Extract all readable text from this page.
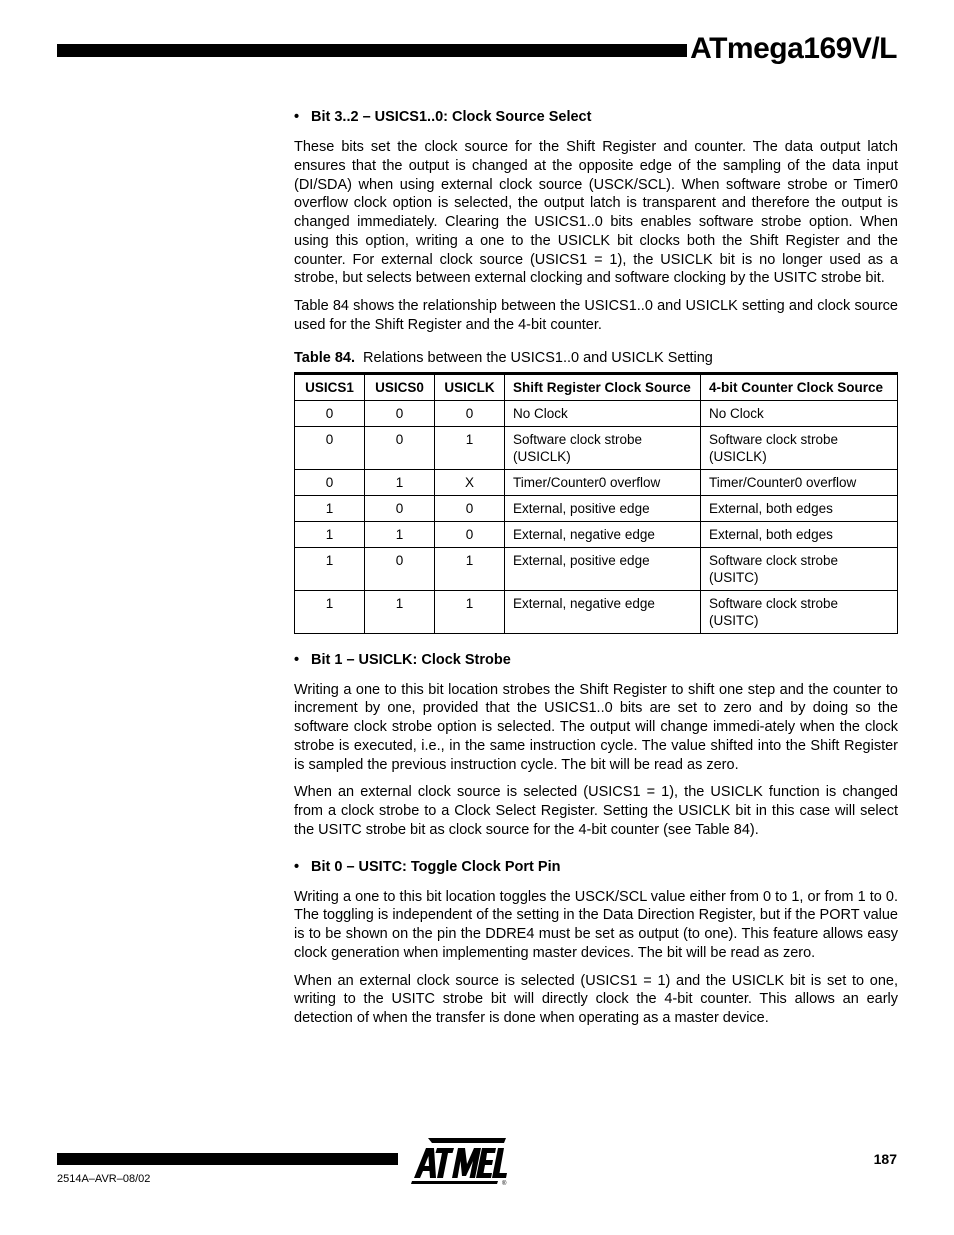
ATmega169V/L
• Bit 3..2 – USICS1..0: Clock Source Select

These bits set the clock source for the Shift Register and counter. The data output latch ensures that the output is changed at the opposite edge of the sampling of the data input (DI/SDA) when using external clock source (USCK/SCL). When software strobe or Timer0 overflow clock option is selected, the output latch is transparent and therefore the output is changed immediately. Clearing the USICS1..0 bits enables software strobe option. When using this option, writing a one to the USICLK bit clocks both the Shift Register and the counter. For external clock source (USICS1 = 1), the USICLK bit is no longer used as a strobe, but selects between external clocking and software clocking by the USITC strobe bit.

Table 84 shows the relationship between the USICS1..0 and USICLK setting and clock source used for the Shift Register and the 4-bit counter.

Table 84. Relations between the USICS1..0 and USICLK Setting
USICS1	USICS0	USICLK	Shift Register Clock Source	4-bit Counter Clock Source
0	0	0	No Clock	No Clock
0	0	1	Software clock strobe (USICLK)	Software clock strobe (USICLK)
0	1	X	Timer/Counter0 overflow	Timer/Counter0 overflow
1	0	0	External, positive edge	External, both edges
1	1	0	External, negative edge	External, both edges
1	0	1	External, positive edge	Software clock strobe (USITC)
1	1	1	External, negative edge	Software clock strobe (USITC)
• Bit 1 – USICLK: Clock Strobe

Writing a one to this bit location strobes the Shift Register to shift one step and the counter to increment by one, provided that the USICS1..0 bits are set to zero and by doing so the software clock strobe option is selected. The output will change immedi-ately when the clock strobe is executed, i.e., in the same instruction cycle. The value shifted into the Shift Register is sampled the previous instruction cycle. The bit will be read as zero.

When an external clock source is selected (USICS1 = 1), the USICLK function is changed from a clock strobe to a Clock Select Register. Setting the USICLK bit in this case will select the USITC strobe bit as clock source for the 4-bit counter (see Table 84).

• Bit 0 – USITC: Toggle Clock Port Pin

Writing a one to this bit location toggles the USCK/SCL value either from 0 to 1, or from 1 to 0. The toggling is independent of the setting in the Data Direction Register, but if the PORT value is to be shown on the pin the DDRE4 must be set as output (to one). This feature allows easy clock generation when implementing master devices. The bit will be read as zero.

When an external clock source is selected (USICS1 = 1) and the USICLK bit is set to one, writing to the USITC strobe bit will directly clock the 4-bit counter. This allows an early detection of when the transfer is done when operating as a master device.

®
187
2514A–AVR–08/02
